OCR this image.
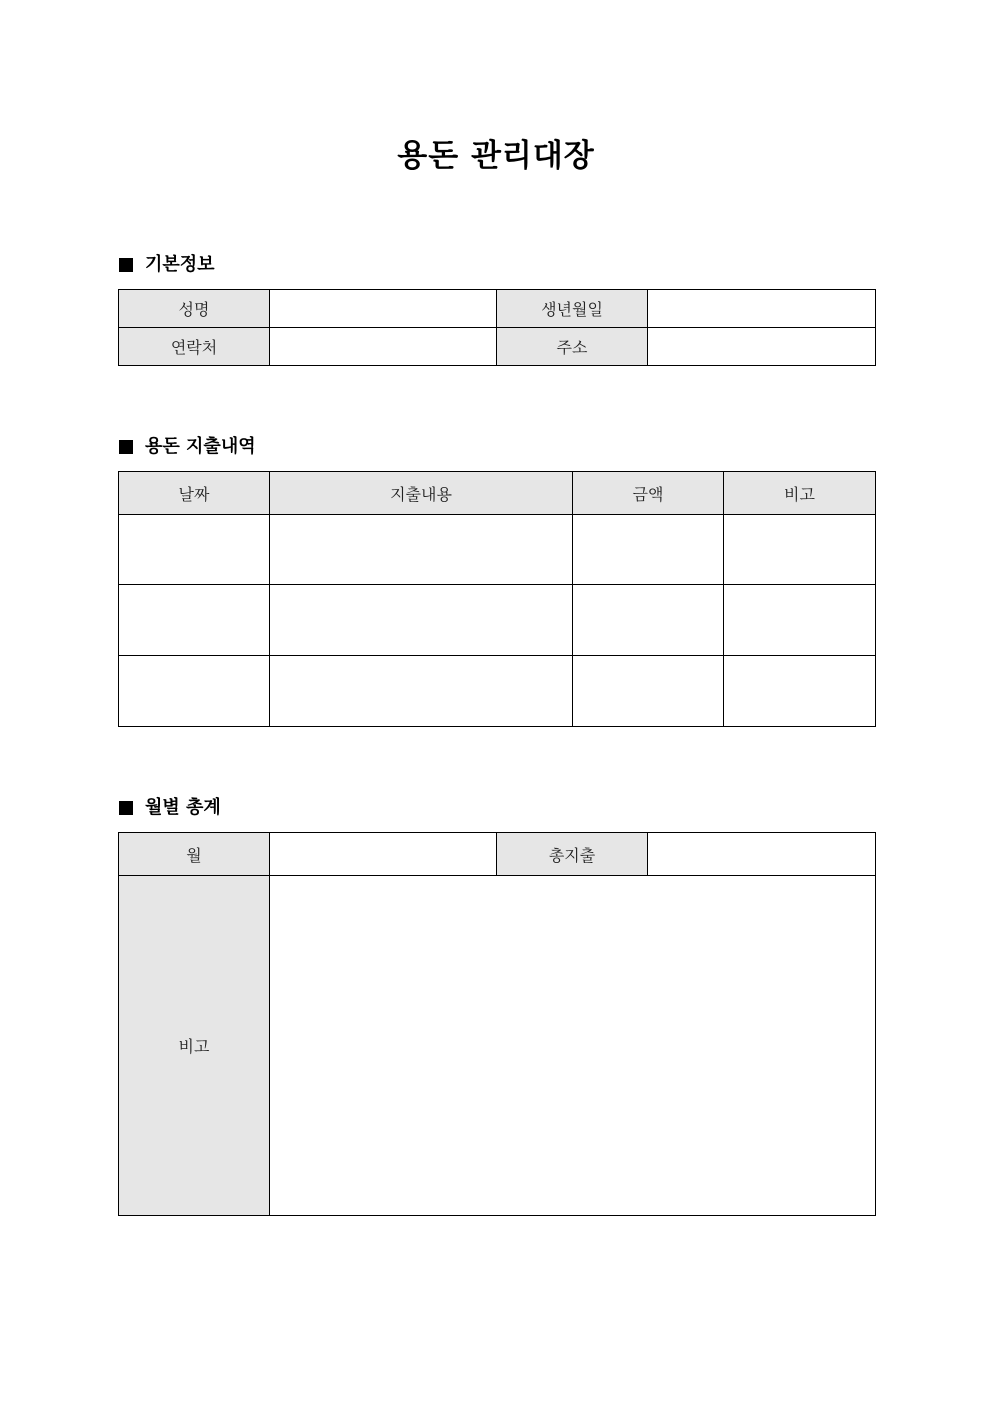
용돈 관리대장
기본정보
성명		생년월일	
연락처		주소	
용돈 지출내역
날짜	지출내용	금액	비고

월별 총계
월		총지출	
비고			
